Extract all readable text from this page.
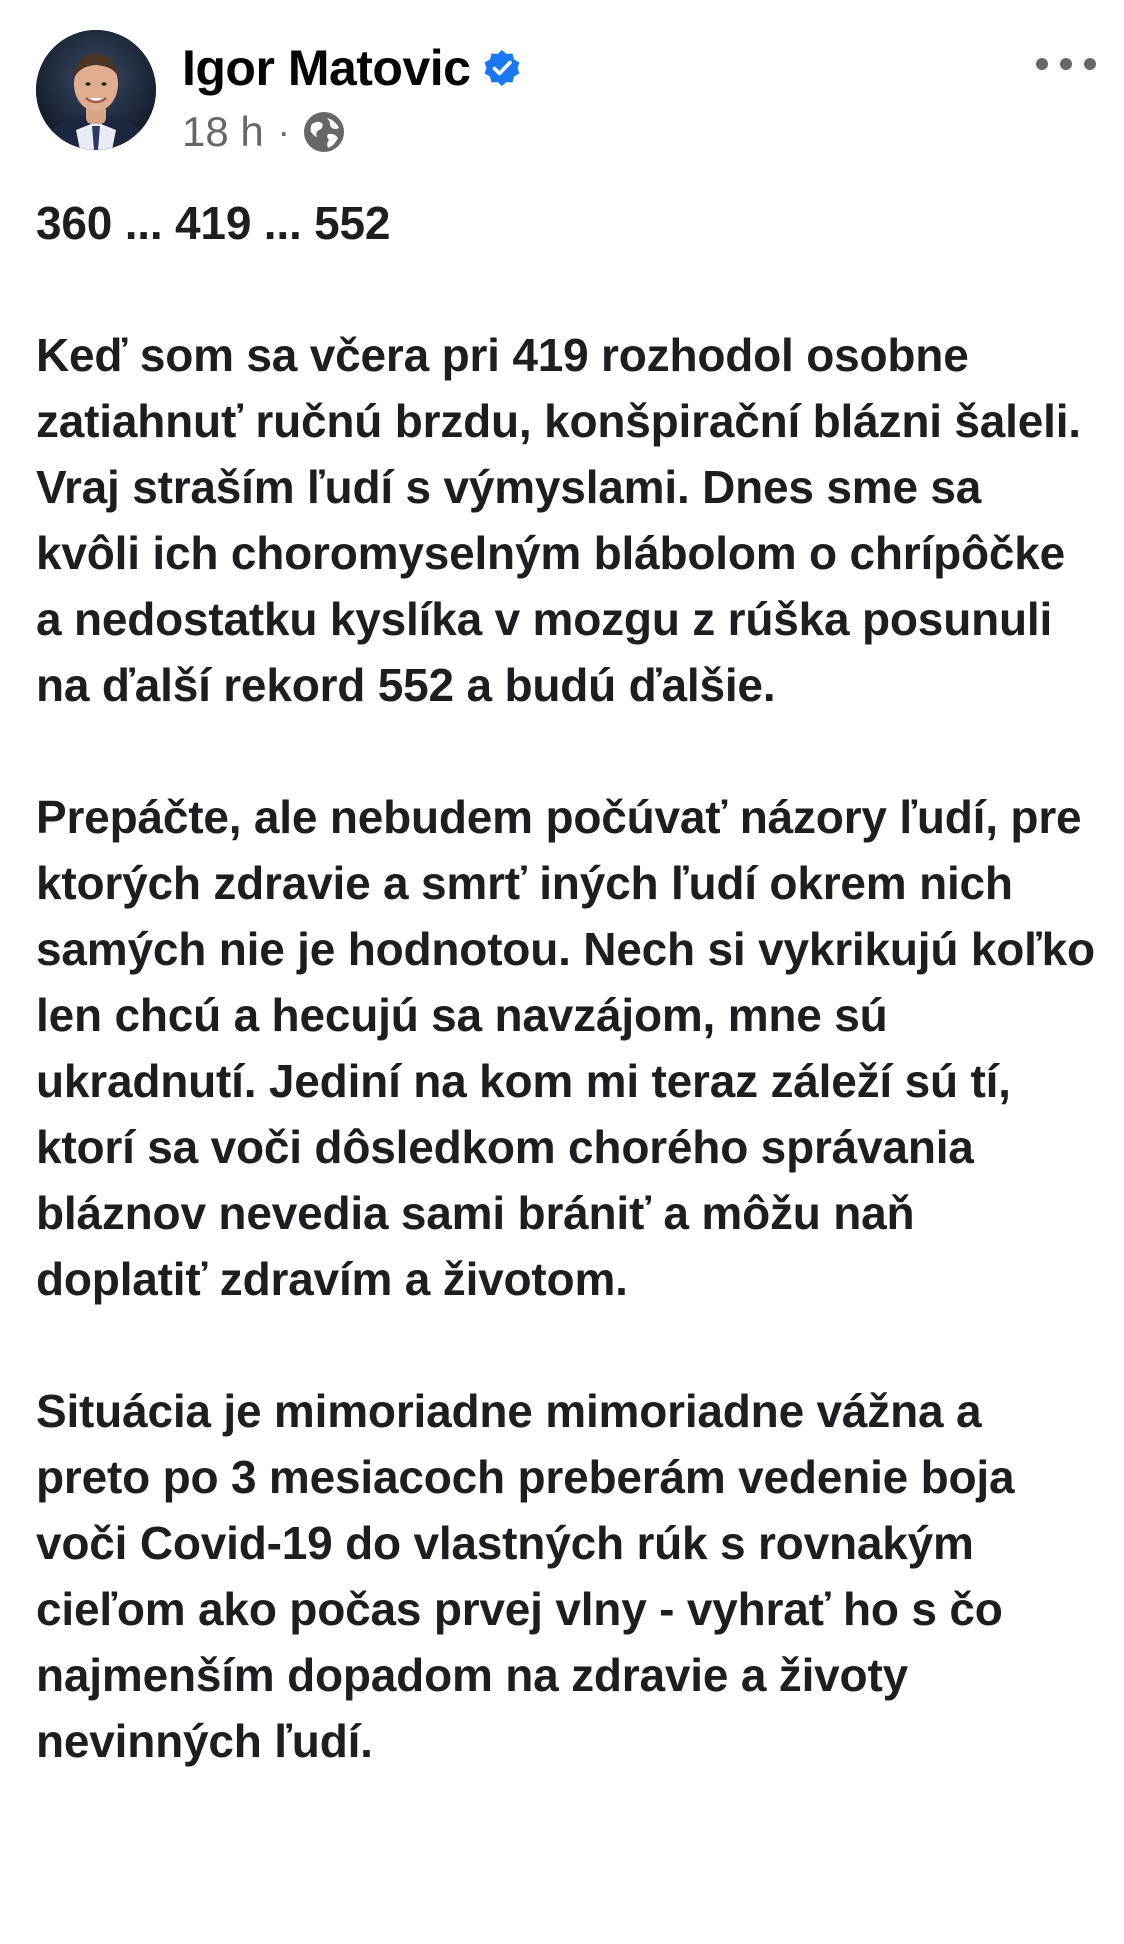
Igor Matovic
18 h ·

360 ... 419 ... 552

Keď som sa včera pri 419 rozhodol osobne zatiahnuť ručnú brzdu, konšpirační blázni šaleli. Vraj straším ľudí s výmyslami. Dnes sme sa kvôli ich choromyselným blábolom o chrípôčke a nedostatku kyslíka v mozgu z rúška posunuli na ďalší rekord 552 a budú ďalšie.

Prepáčte, ale nebudem počúvať názory ľudí, pre ktorých zdravie a smrť iných ľudí okrem nich samých nie je hodnotou. Nech si vykrikujú koľko len chcú a hecujú sa navzájom, mne sú ukradnutí. Jediní na kom mi teraz záleží sú tí, ktorí sa voči dôsledkom chorého správania bláznov nevedia sami brániť a môžu naň doplatiť zdravím a životom.

Situácia je mimoriadne mimoriadne vážna a preto po 3 mesiacoch preberám vedenie boja voči Covid-19 do vlastných rúk s rovnakým cieľom ako počas prvej vlny - vyhrať ho s čo najmenším dopadom na zdravie a životy nevinných ľudí.
